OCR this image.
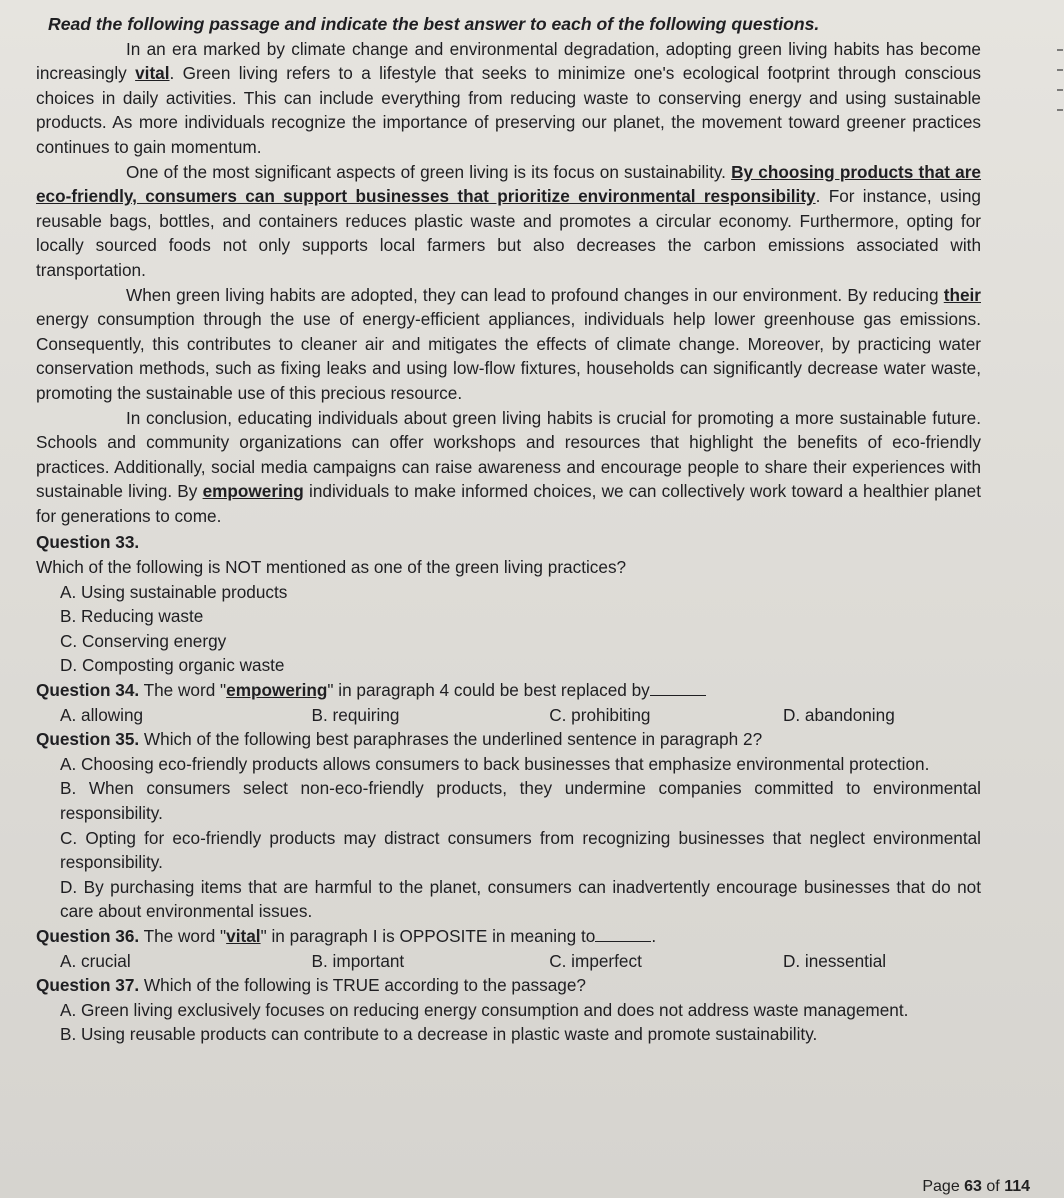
Read the following passage and indicate the best answer to each of the following questions.

In an era marked by climate change and environmental degradation, adopting green living habits has become increasingly vital. Green living refers to a lifestyle that seeks to minimize one's ecological footprint through conscious choices in daily activities. This can include everything from reducing waste to conserving energy and using sustainable products. As more individuals recognize the importance of preserving our planet, the movement toward greener practices continues to gain momentum.

One of the most significant aspects of green living is its focus on sustainability. By choosing products that are eco-friendly, consumers can support businesses that prioritize environmental responsibility. For instance, using reusable bags, bottles, and containers reduces plastic waste and promotes a circular economy. Furthermore, opting for locally sourced foods not only supports local farmers but also decreases the carbon emissions associated with transportation.

When green living habits are adopted, they can lead to profound changes in our environment. By reducing their energy consumption through the use of energy-efficient appliances, individuals help lower greenhouse gas emissions. Consequently, this contributes to cleaner air and mitigates the effects of climate change. Moreover, by practicing water conservation methods, such as fixing leaks and using low-flow fixtures, households can significantly decrease water waste, promoting the sustainable use of this precious resource.

In conclusion, educating individuals about green living habits is crucial for promoting a more sustainable future. Schools and community organizations can offer workshops and resources that highlight the benefits of eco-friendly practices. Additionally, social media campaigns can raise awareness and encourage people to share their experiences with sustainable living. By empowering individuals to make informed choices, we can collectively work toward a healthier planet for generations to come.

Question 33.
Which of the following is NOT mentioned as one of the green living practices?
A. Using sustainable products
B. Reducing waste
C. Conserving energy
D. Composting organic waste
Question 34. The word "empowering" in paragraph 4 could be best replaced by
A. allowing	B. requiring	C. prohibiting	D. abandoning
Question 35. Which of the following best paraphrases the underlined sentence in paragraph 2?
A. Choosing eco-friendly products allows consumers to back businesses that emphasize environmental protection.
B. When consumers select non-eco-friendly products, they undermine companies committed to environmental responsibility.
C. Opting for eco-friendly products may distract consumers from recognizing businesses that neglect environmental responsibility.
D. By purchasing items that are harmful to the planet, consumers can inadvertently encourage businesses that do not care about environmental issues.
Question 36. The word "vital" in paragraph I is OPPOSITE in meaning to	.
A. crucial	B. important	C. imperfect	D. inessential
Question 37. Which of the following is TRUE according to the passage?
A. Green living exclusively focuses on reducing energy consumption and does not address waste management.
B. Using reusable products can contribute to a decrease in plastic waste and promote sustainability.
Page 63 of 114
